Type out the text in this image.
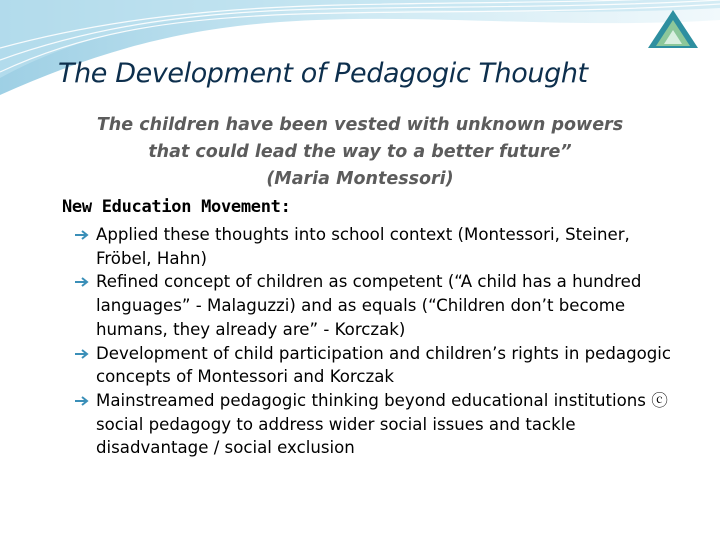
The Development of Pedagogic Thought
The children have been vested with unknown powers
that could lead the way to a better future”
(Maria Montessori)
New Education Movement:
Applied these thoughts into school context (Montessori, Steiner, Fröbel, Hahn)
Refined concept of children as competent (“A child has a hundred languages” - Malaguzzi) and as equals (“Children don’t become humans, they already are” - Korczak)
Development of child participation and children’s rights in pedagogic concepts of Montessori and Korczak
Mainstreamed pedagogic thinking beyond educational institutions ⓒ social pedagogy to address wider social issues and tackle disadvantage / social exclusion
